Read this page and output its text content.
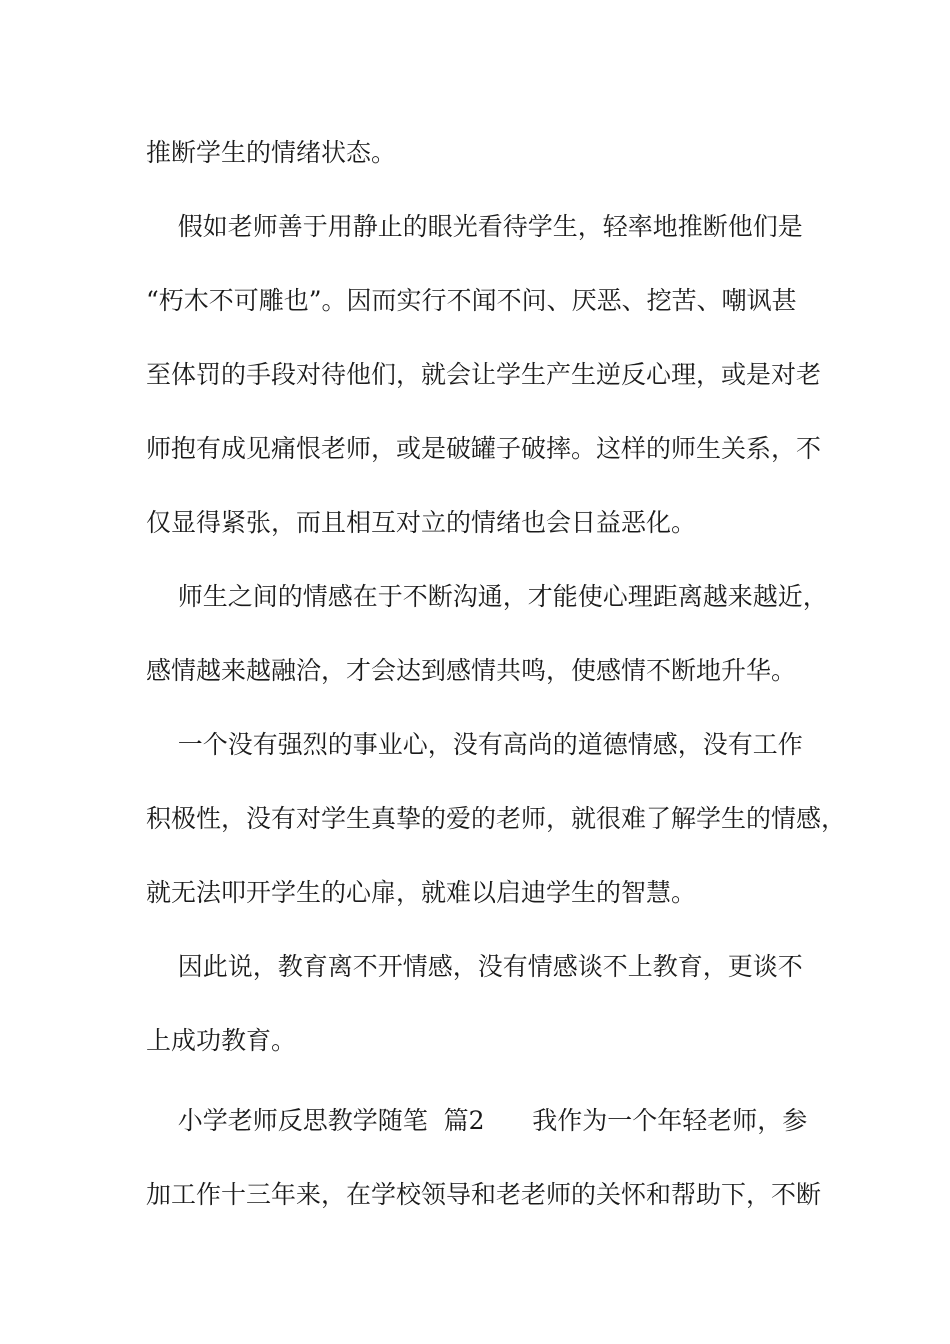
推断学生的情绪状态。

假如老师善于用静止的眼光看待学生，轻率地推断他们是

“朽木不可雕也”。因而实行不闻不问、厌恶、挖苦、嘲讽甚

至体罚的手段对待他们，就会让学生产生逆反心理，或是对老

师抱有成见痛恨老师，或是破罐子破摔。这样的师生关系，不

仅显得紧张，而且相互对立的情绪也会日益恶化。

师生之间的情感在于不断沟通，才能使心理距离越来越近，

感情越来越融洽，才会达到感情共鸣，使感情不断地升华。

一个没有强烈的事业心，没有高尚的道德情感，没有工作

积极性，没有对学生真挚的爱的老师，就很难了解学生的情感，

就无法叩开学生的心扉，就难以启迪学生的智慧。

因此说，教育离不开情感，没有情感谈不上教育，更谈不

上成功教育。

小学老师反思教学随笔  篇2      我作为一个年轻老师，参

加工作十三年来，在学校领导和老老师的关怀和帮助下，不断
